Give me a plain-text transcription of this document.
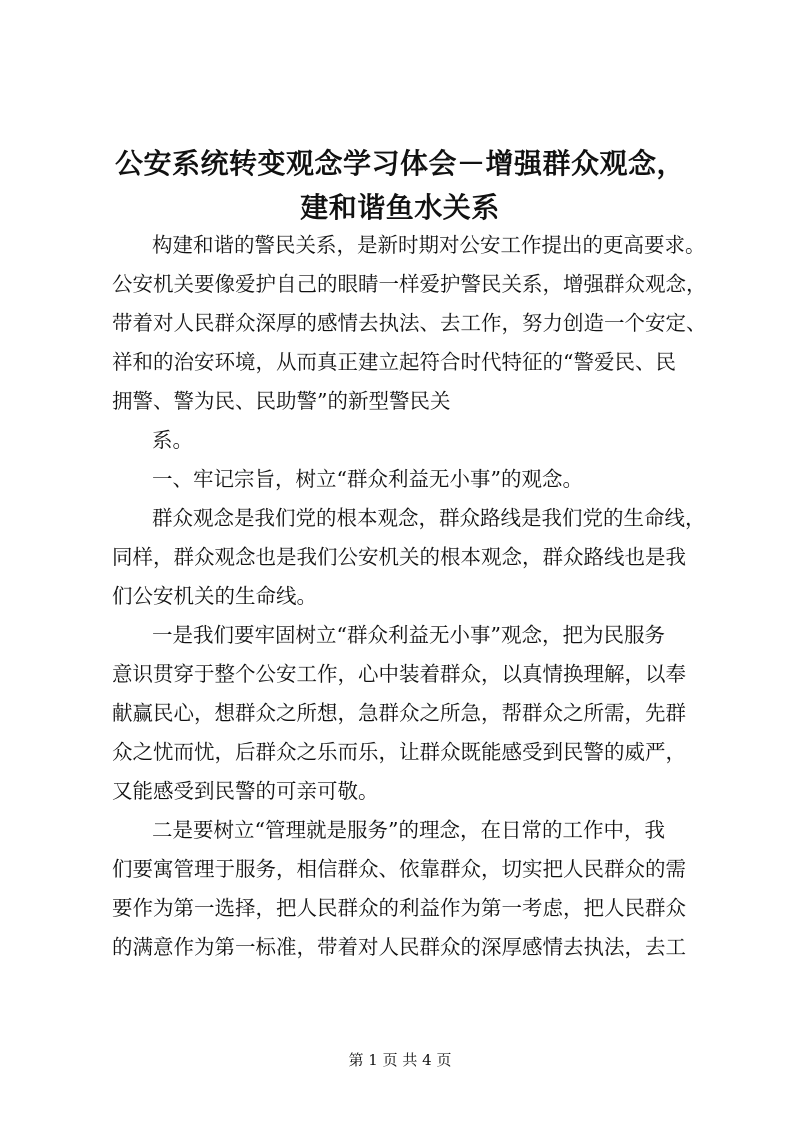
公安系统转变观念学习体会－增强群众观念，
建和谐鱼水关系
构建和谐的警民关系，是新时期对公安工作提出的更高要求。
公安机关要像爱护自己的眼睛一样爱护警民关系，增强群众观念，
带着对人民群众深厚的感情去执法、去工作，努力创造一个安定、
祥和的治安环境，从而真正建立起符合时代特征的“警爱民、民
拥警、警为民、民助警”的新型警民关
系。
一、牢记宗旨，树立“群众利益无小事”的观念。
群众观念是我们党的根本观念，群众路线是我们党的生命线，
同样，群众观念也是我们公安机关的根本观念，群众路线也是我
们公安机关的生命线。
一是我们要牢固树立“群众利益无小事”观念，把为民服务
意识贯穿于整个公安工作，心中装着群众，以真情换理解，以奉
献赢民心，想群众之所想，急群众之所急，帮群众之所需，先群
众之忧而忧，后群众之乐而乐，让群众既能感受到民警的威严，
又能感受到民警的可亲可敬。
二是要树立“管理就是服务”的理念，在日常的工作中，我
们要寓管理于服务，相信群众、依靠群众，切实把人民群众的需
要作为第一选择，把人民群众的利益作为第一考虑，把人民群众
的满意作为第一标准，带着对人民群众的深厚感情去执法，去工
第 1 页 共 4 页
